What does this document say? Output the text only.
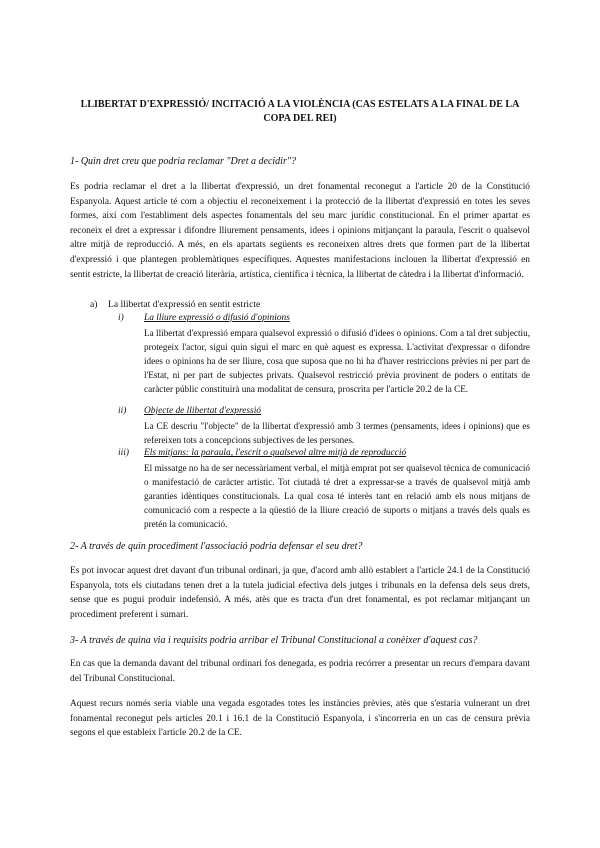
LLIBERTAT D'EXPRESSIÓ/ INCITACIÓ A LA VIOLÈNCIA (CAS ESTELATS A LA FINAL DE LA COPA DEL REI)

1- Quin dret creu que podria reclamar "Dret a decidir"?

Es podria reclamar el dret a la llibertat d'expressió, un dret fonamental reconegut a l'article 20 de la Constitució Espanyola. Aquest article té com a objectiu el reconeixement i la protecció de la llibertat d'expressió en totes les seves formes, així com l'establiment dels aspectes fonamentals del seu marc jurídic constitucional. En el primer apartat es reconeix el dret a expressar i difondre lliurement pensaments, idees i opinions mitjançant la paraula, l'escrit o qualsevol altre mitjà de reproducció. A més, en els apartats següents es reconeixen altres drets que formen part de la llibertat d'expressió i que plantegen problemàtiques específiques. Aquestes manifestacions inclouen la llibertat d'expressió en sentit estricte, la llibertat de creació literària, artística, científica i tècnica, la llibertat de càtedra i la llibertat d'informació.

a) La llibertat d'expressió en sentit estricte

i) La lliure expressió o difusió d'opinions

La llibertat d'expressió empara qualsevol expressió o difusió d'idees o opinions. Com a tal dret subjectiu, protegeix l'actor, sigui quin sigui el marc en què aquest es expressa. L'activitat d'expressar o difondre idees o opinions ha de ser lliure, cosa que suposa que no hi ha d'haver restriccions prèvies ni per part de l'Estat, ni per part de subjectes privats. Qualsevol restricció prèvia provinent de poders o entitats de caràcter públic constituirà una modalitat de censura, proscrita per l'article 20.2 de la CE.

ii) Objecte de llibertat d'expressió

La CE descriu "l'objecte" de la llibertat d'expressió amb 3 termes (pensaments, idees i opinions) que es refereixen tots a concepcions subjectives de les persones.

iii) Els mitjans: la paraula, l'escrit o qualsevol altre mitjà de reproducció

El missatge no ha de ser necessàriament verbal, el mitjà emprat pot ser qualsevol tècnica de comunicació o manifestació de caràcter artístic. Tot ciutadà té dret a expressar-se a través de qualsevol mitjà amb garanties idèntiques constitucionals. La qual cosa té interès tant en relació amb els nous mitjans de comunicació com a respecte a la qüestió de la lliure creació de suports o mitjans a través dels quals es pretén la comunicació.

2- A través de quin procediment l'associació podria defensar el seu dret?

Es pot invocar aquest dret davant d'un tribunal ordinari, ja que, d'acord amb allò establert a l'article 24.1 de la Constitució Espanyola, tots els ciutadans tenen dret a la tutela judicial efectiva dels jutges i tribunals en la defensa dels seus drets, sense que es pugui produir indefensió. A més, atès que es tracta d'un dret fonamental, es pot reclamar mitjançant un procediment preferent i sumari.

3- A través de quina via i requisits podria arribar el Tribunal Constitucional a conèixer d'aquest cas?

En cas que la demanda davant del tribunal ordinari fos denegada, es podria recórrer a presentar un recurs d'empara davant del Tribunal Constitucional.

Aquest recurs només seria viable una vegada esgotades totes les instàncies prèvies, atès que s'estaria vulnerant un dret fonamental reconegut pels articles 20.1 i 16.1 de la Constitució Espanyola, i s'incorreria en un cas de censura prèvia segons el que estableix l'article 20.2 de la CE.
